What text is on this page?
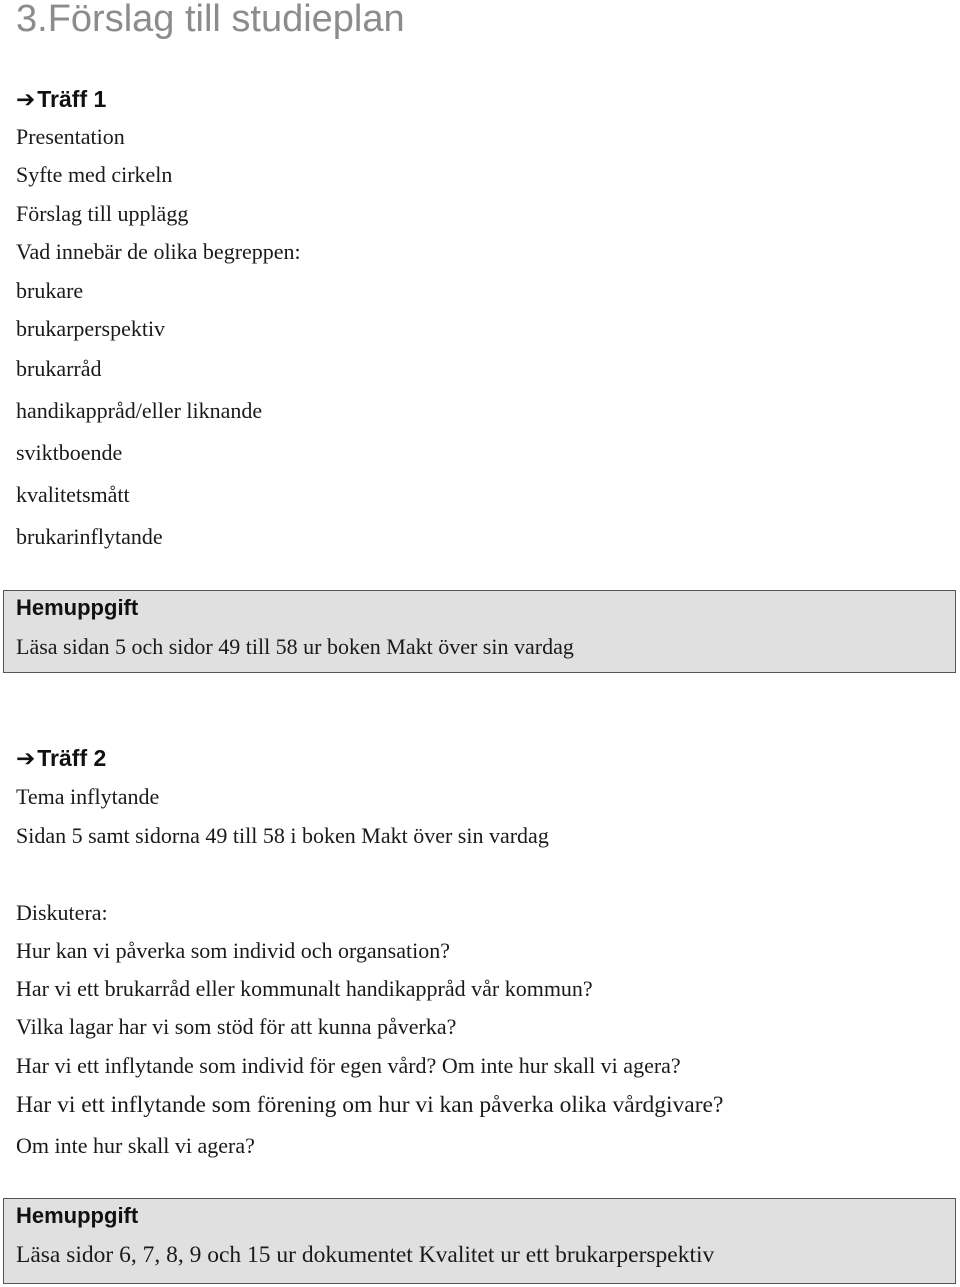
3.Förslag till studieplan
➔Träff 1
Presentation
Syfte med cirkeln
Förslag till upplägg
Vad innebär de olika begreppen:
brukare
brukarperspektiv
brukarråd
handikappråd/eller liknande
sviktboende
kvalitetsmått
brukarinflytande
Hemuppgift
Läsa sidan 5 och sidor 49 till 58 ur boken Makt över sin vardag
➔Träff 2
Tema inflytande
Sidan 5 samt sidorna 49 till 58 i boken Makt över sin vardag
Diskutera:
Hur kan vi påverka som individ och organsation?
Har vi ett brukarråd eller kommunalt handikappråd vår kommun?
Vilka lagar har vi som stöd för att kunna påverka?
Har vi ett inflytande som individ för egen vård? Om inte hur skall vi agera?
Har vi ett inflytande som förening om hur vi kan påverka olika vårdgivare?
Om inte hur skall vi agera?
Hemuppgift
Läsa sidor 6, 7, 8, 9 och 15 ur dokumentet Kvalitet ur ett brukarperspektiv
